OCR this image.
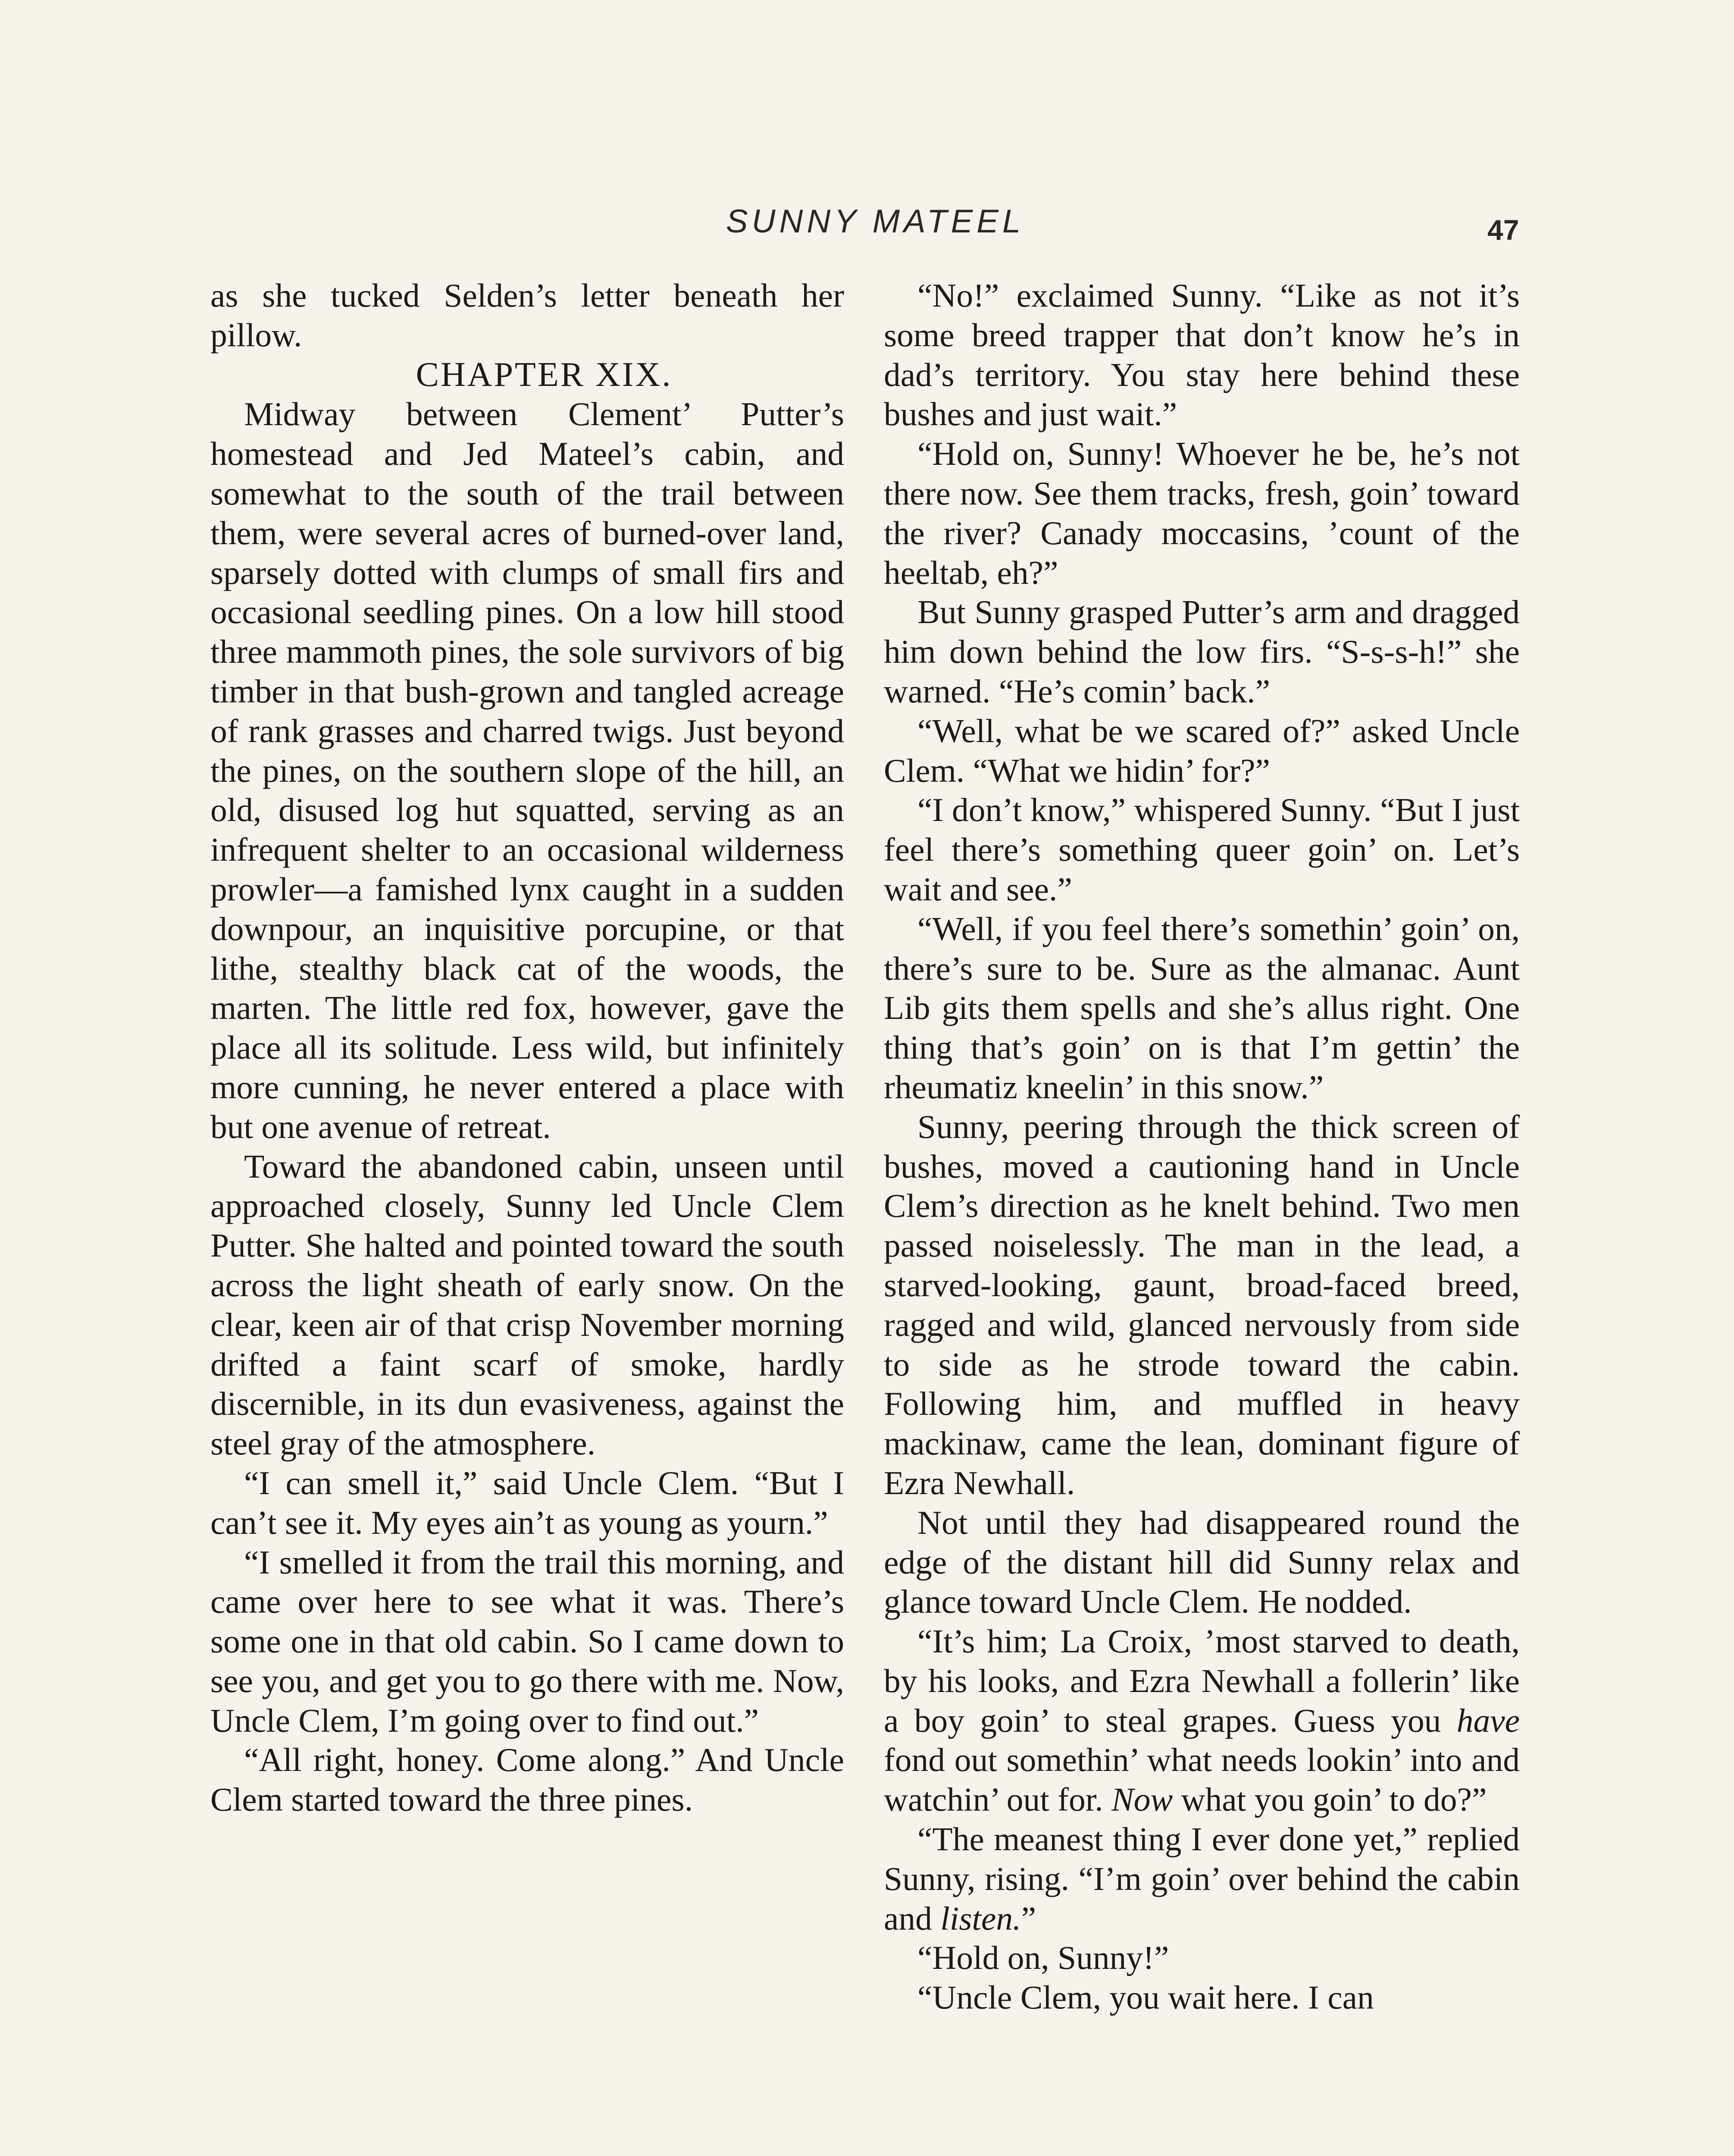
SUNNY MATEEL	47

as she tucked Selden’s letter beneath her pillow.

CHAPTER XIX.

Midway between Clement’ Putter’s homestead and Jed Mateel’s cabin, and somewhat to the south of the trail between them, were several acres of burned-over land, sparsely dotted with clumps of small firs and occasional seedling pines. On a low hill stood three mammoth pines, the sole survivors of big timber in that bush-grown and tangled acreage of rank grasses and charred twigs. Just beyond the pines, on the southern slope of the hill, an old, disused log hut squatted, serving as an infrequent shelter to an occasional wilderness prowler—a famished lynx caught in a sudden downpour, an inquisitive porcupine, or that lithe, stealthy black cat of the woods, the marten. The little red fox, however, gave the place all its solitude. Less wild, but infinitely more cunning, he never entered a place with but one avenue of retreat.

Toward the abandoned cabin, unseen until approached closely, Sunny led Uncle Clem Putter. She halted and pointed toward the south across the light sheath of early snow. On the clear, keen air of that crisp November morning drifted a faint scarf of smoke, hardly discernible, in its dun evasiveness, against the steel gray of the atmosphere.

“I can smell it,” said Uncle Clem. “But I can’t see it. My eyes ain’t as young as yourn.”

“I smelled it from the trail this morning, and came over here to see what it was. There’s some one in that old cabin. So I came down to see you, and get you to go there with me. Now, Uncle Clem, I’m going over to find out.”

“All right, honey. Come along.” And Uncle Clem started toward the three pines.

“No!” exclaimed Sunny. “Like as not it’s some breed trapper that don’t know he’s in dad’s territory. You stay here behind these bushes and just wait.”

“Hold on, Sunny! Whoever he be, he’s not there now. See them tracks, fresh, goin’ toward the river? Canady moccasins, ’count of the heeltab, eh?”

But Sunny grasped Putter’s arm and dragged him down behind the low firs. “S-s-s-h!” she warned. “He’s comin’ back.”

“Well, what be we scared of?” asked Uncle Clem. “What we hidin’ for?”

“I don’t know,” whispered Sunny. “But I just feel there’s something queer goin’ on. Let’s wait and see.”

“Well, if you feel there’s somethin’ goin’ on, there’s sure to be. Sure as the almanac. Aunt Lib gits them spells and she’s allus right. One thing that’s goin’ on is that I’m gettin’ the rheumatiz kneelin’ in this snow.”

Sunny, peering through the thick screen of bushes, moved a cautioning hand in Uncle Clem’s direction as he knelt behind. Two men passed noiselessly. The man in the lead, a starved-looking, gaunt, broad-faced breed, ragged and wild, glanced nervously from side to side as he strode toward the cabin. Following him, and muffled in heavy mackinaw, came the lean, dominant figure of Ezra Newhall.

Not until they had disappeared round the edge of the distant hill did Sunny relax and glance toward Uncle Clem. He nodded.

“It’s him; La Croix, ’most starved to death, by his looks, and Ezra Newhall a follerin’ like a boy goin’ to steal grapes. Guess you have fond out somethin’ what needs lookin’ into and watchin’ out for. Now what you goin’ to do?”

“The meanest thing I ever done yet,” replied Sunny, rising. “I’m goin’ over behind the cabin and listen.”

“Hold on, Sunny!”

“Uncle Clem, you wait here. I can
